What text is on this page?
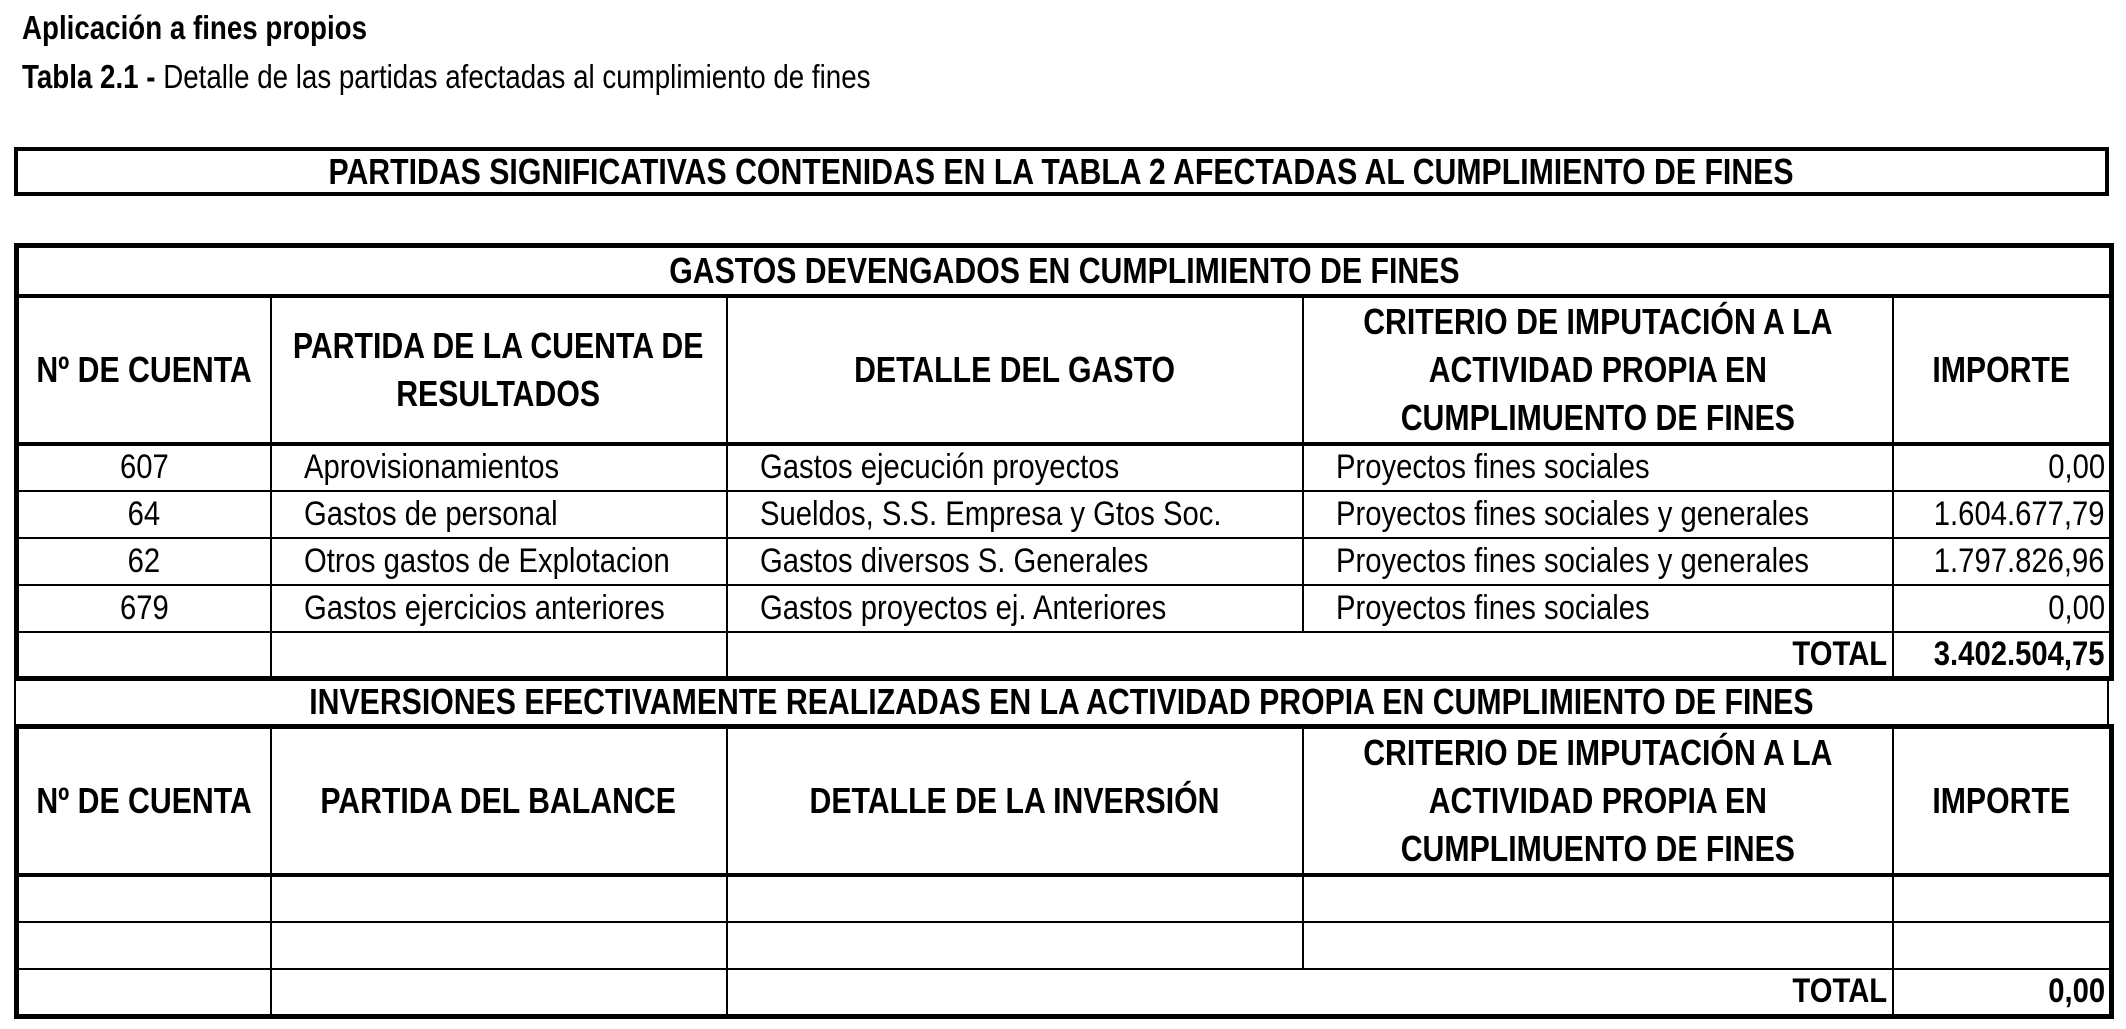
Aplicación a fines propios
Tabla 2.1 - Detalle de las partidas afectadas al cumplimiento de fines
PARTIDAS SIGNIFICATIVAS CONTENIDAS EN LA TABLA 2 AFECTADAS AL CUMPLIMIENTO DE FINES
GASTOS DEVENGADOS EN CUMPLIMIENTO DE FINES				
Nº DE CUENTA	PARTIDA DE LA CUENTA DE RESULTADOS	DETALLE DEL GASTO	CRITERIO DE IMPUTACIÓN A LA ACTIVIDAD PROPIA EN CUMPLIMUENTO DE FINES	IMPORTE
607	Aprovisionamientos	Gastos ejecución proyectos	Proyectos fines sociales	0,00
64	Gastos de personal	Sueldos, S.S. Empresa y Gtos Soc.	Proyectos fines sociales y generales	1.604.677,79
62	Otros gastos de Explotacion	Gastos diversos S. Generales	Proyectos fines sociales y generales	1.797.826,96
679	Gastos ejercicios anteriores	Gastos proyectos ej. Anteriores	Proyectos fines sociales	0,00
		TOTAL		3.402.504,75
INVERSIONES EFECTIVAMENTE REALIZADAS EN LA ACTIVIDAD PROPIA EN CUMPLIMIENTO DE FINES
Nº DE CUENTA	PARTIDA DEL BALANCE	DETALLE DE LA INVERSIÓN	CRITERIO DE IMPUTACIÓN A LA ACTIVIDAD PROPIA EN CUMPLIMUENTO DE FINES	IMPORTE

		TOTAL		0,00
